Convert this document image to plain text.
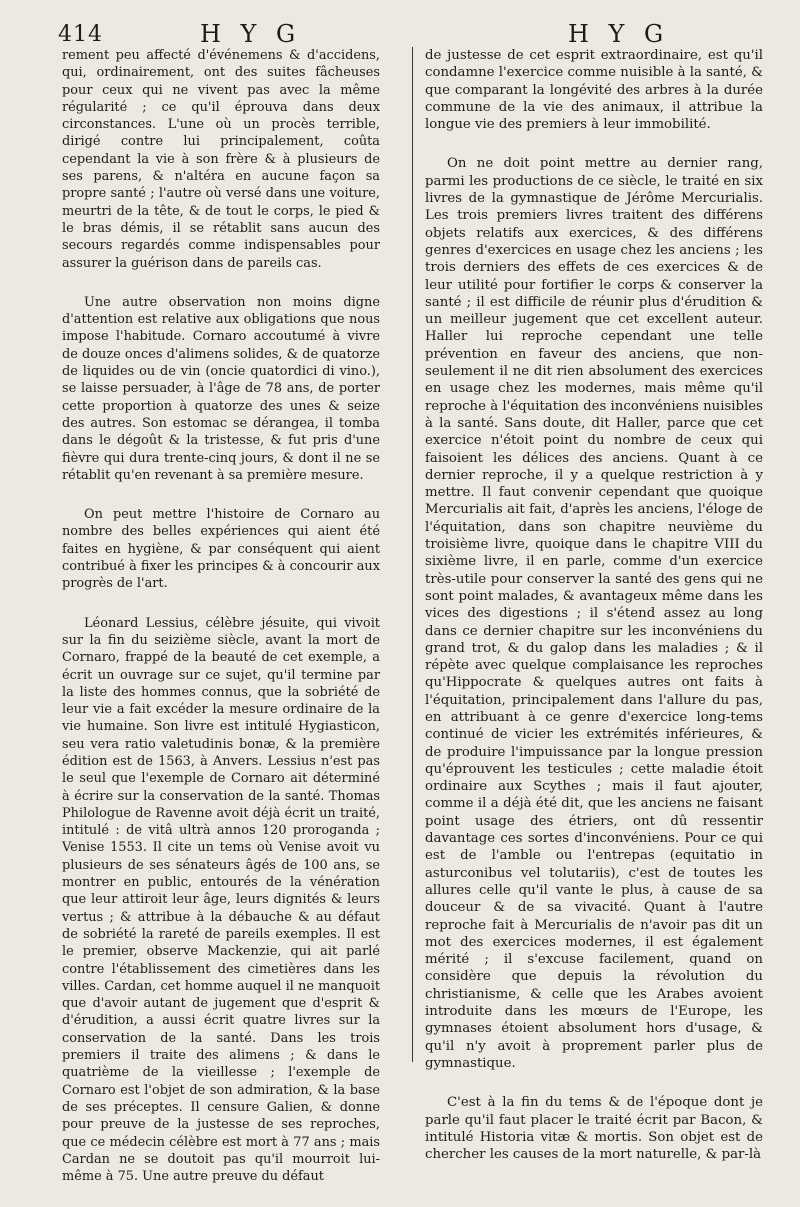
414	H Y G	H Y G

rement peu affecté d'événemens & d'accidens, qui, ordinairement, ont des suites fâcheuses pour ceux qui ne vivent pas avec la même régularité ; ce qu'il éprouva dans deux circonstances. L'une où un procès terrible, dirigé contre lui principalement, coûta cependant la vie à son frère & à plusieurs de ses parens, & n'altéra en aucune façon sa propre santé ; l'autre où versé dans une voiture, meurtri de la tête, & de tout le corps, le pied & le bras démis, il se rétablit sans aucun des secours regardés comme indispensables pour assurer la guérison dans de pareils cas.

Une autre observation non moins digne d'attention est relative aux obligations que nous impose l'habitude. Cornaro accoutumé à vivre de douze onces d'alimens solides, & de quatorze de liquides ou de vin (oncie quatordici di vino.), se laisse persuader, à l'âge de 78 ans, de porter cette proportion à quatorze des unes & seize des autres. Son estomac se dérangea, il tomba dans le dégoût & la tristesse, & fut pris d'une fièvre qui dura trente-cinq jours, & dont il ne se rétablit qu'en revenant à sa première mesure.

On peut mettre l'histoire de Cornaro au nombre des belles expériences qui aient été faites en hygiène, & par conséquent qui aient contribué à fixer les principes & à concourir aux progrès de l'art.

Léonard Lessius, célèbre jésuite, qui vivoit sur la fin du seizième siècle, avant la mort de Cornaro, frappé de la beauté de cet exemple, a écrit un ouvrage sur ce sujet, qu'il termine par la liste des hommes connus, que la sobriété de leur vie a fait excéder la mesure ordinaire de la vie humaine. Son livre est intitulé Hygiasticon, seu vera ratio valetudinis bonæ, & la première édition est de 1563, à Anvers. Lessius n'est pas le seul que l'exemple de Cornaro ait déterminé à écrire sur la conservation de la santé. Thomas Philologue de Ravenne avoit déjà écrit un traité, intitulé : de vitâ ultrà annos 120 proroganda ; Venise 1553. Il cite un tems où Venise avoit vu plusieurs de ses sénateurs âgés de 100 ans, se montrer en public, entourés de la vénération que leur attiroit leur âge, leurs dignités & leurs vertus ; & attribue à la débauche & au défaut de sobriété la rareté de pareils exemples. Il est le premier, observe Mackenzie, qui ait parlé contre l'établissement des cimetières dans les villes. Cardan, cet homme auquel il ne manquoit que d'avoir autant de jugement que d'esprit & d'érudition, a aussi écrit quatre livres sur la conservation de la santé. Dans les trois premiers il traite des alimens ; & dans le quatrième de la vieillesse ; l'exemple de Cornaro est l'objet de son admiration, & la base de ses préceptes. Il censure Galien, & donne pour preuve de la justesse de ses reproches, que ce médecin célèbre est mort à 77 ans ; mais Cardan ne se doutoit pas qu'il mourroit lui-même à 75. Une autre preuve du défaut

de justesse de cet esprit extraordinaire, est qu'il condamne l'exercice comme nuisible à la santé, & que comparant la longévité des arbres à la durée commune de la vie des animaux, il attribue la longue vie des premiers à leur immobilité.

On ne doit point mettre au dernier rang, parmi les productions de ce siècle, le traité en six livres de la gymnastique de Jérôme Mercurialis. Les trois premiers livres traitent des différens objets relatifs aux exercices, & des différens genres d'exercices en usage chez les anciens ; les trois derniers des effets de ces exercices & de leur utilité pour fortifier le corps & conserver la santé ; il est difficile de réunir plus d'érudition & un meilleur jugement que cet excellent auteur. Haller lui reproche cependant une telle prévention en faveur des anciens, que non-seulement il ne dit rien absolument des exercices en usage chez les modernes, mais même qu'il reproche à l'équitation des inconvéniens nuisibles à la santé. Sans doute, dit Haller, parce que cet exercice n'étoit point du nombre de ceux qui faisoient les délices des anciens. Quant à ce dernier reproche, il y a quelque restriction à y mettre. Il faut convenir cependant que quoique Mercurialis ait fait, d'après les anciens, l'éloge de l'équitation, dans son chapitre neuvième du troisième livre, quoique dans le chapitre VIII du sixième livre, il en parle, comme d'un exercice très-utile pour conserver la santé des gens qui ne sont point malades, & avantageux même dans les vices des digestions ; il s'étend assez au long dans ce dernier chapitre sur les inconvéniens du grand trot, & du galop dans les maladies ; & il répète avec quelque complaisance les reproches qu'Hippocrate & quelques autres ont faits à l'équitation, principalement dans l'allure du pas, en attribuant à ce genre d'exercice long-tems continué de vicier les extrémités inférieures, & de produire l'impuissance par la longue pression qu'éprouvent les testicules ; cette maladie étoit ordinaire aux Scythes ; mais il faut ajouter, comme il a déjà été dit, que les anciens ne faisant point usage des étriers, ont dû ressentir davantage ces sortes d'inconvéniens. Pour ce qui est de l'amble ou l'entrepas (equitatio in asturconibus vel tolutariis), c'est de toutes les allures celle qu'il vante le plus, à cause de sa douceur & de sa vivacité. Quant à l'autre reproche fait à Mercurialis de n'avoir pas dit un mot des exercices modernes, il est également mérité ; il s'excuse facilement, quand on considère que depuis la révolution du christianisme, & celle que les Arabes avoient introduite dans les mœurs de l'Europe, les gymnases étoient absolument hors d'usage, & qu'il n'y avoit à proprement parler plus de gymnastique.

C'est à la fin du tems & de l'époque dont je parle qu'il faut placer le traité écrit par Bacon, & intitulé Historia vitæ & mortis. Son objet est de chercher les causes de la mort naturelle, & par-là
